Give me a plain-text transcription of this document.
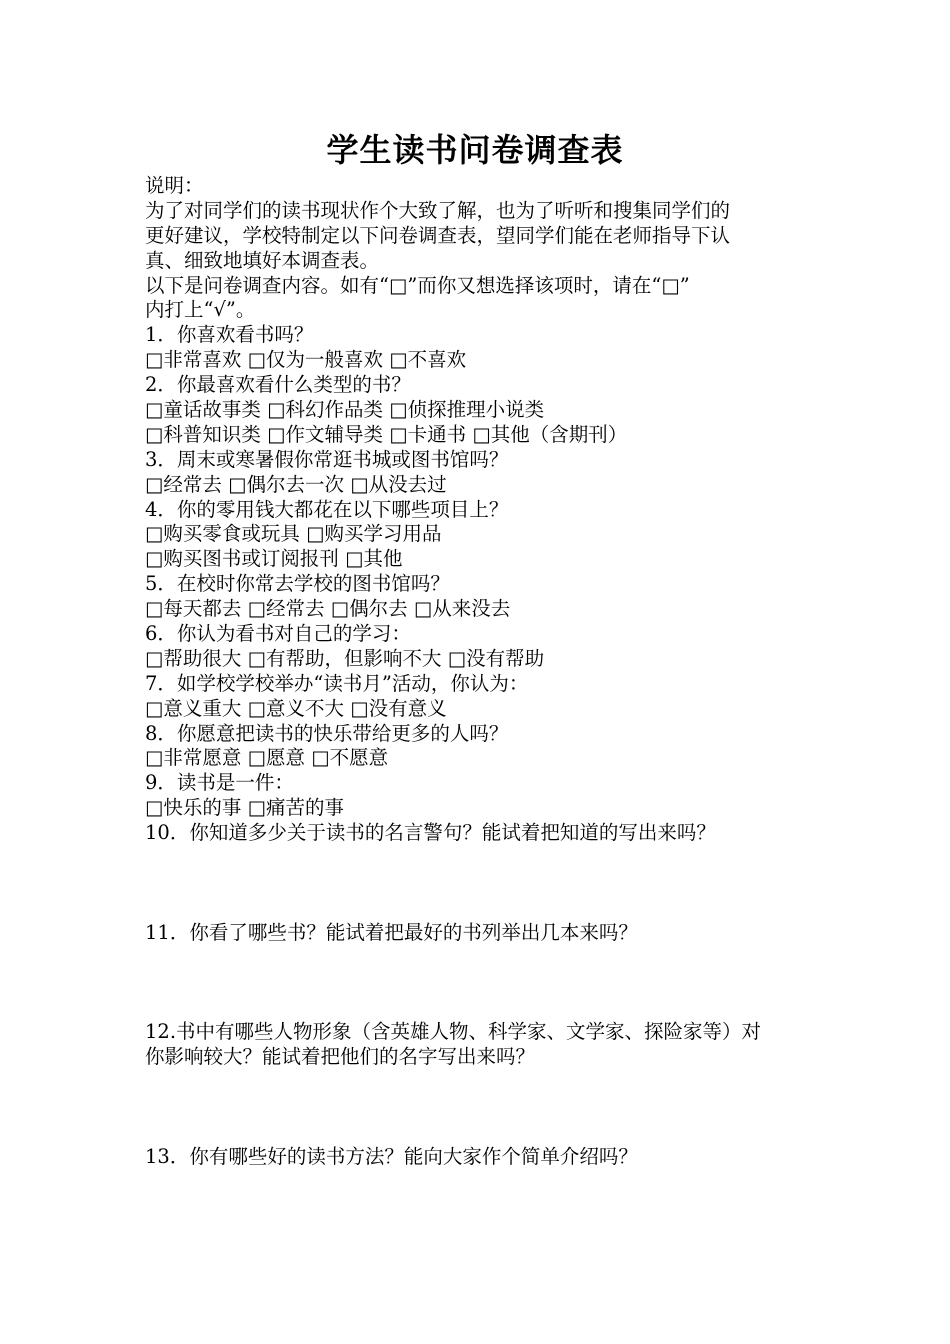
学生读书问卷调查表
说明：
为了对同学们的读书现状作个大致了解，也为了听听和搜集同学们的
更好建议，学校特制定以下问卷调查表，望同学们能在老师指导下认
真、细致地填好本调查表。
以下是问卷调查内容。如有“□”而你又想选择该项时，请在“□”
内打上“√”。
1．你喜欢看书吗？
□非常喜欢 □仅为一般喜欢 □不喜欢
2．你最喜欢看什么类型的书？
□童话故事类 □科幻作品类 □侦探推理小说类
□科普知识类 □作文辅导类 □卡通书 □其他（含期刊）
3．周末或寒暑假你常逛书城或图书馆吗？
□经常去 □偶尔去一次 □从没去过
4．你的零用钱大都花在以下哪些项目上？
□购买零食或玩具 □购买学习用品
□购买图书或订阅报刊 □其他
5．在校时你常去学校的图书馆吗？
□每天都去 □经常去 □偶尔去 □从来没去
6．你认为看书对自己的学习：
□帮助很大 □有帮助，但影响不大 □没有帮助
7．如学校学校举办“读书月”活动，你认为：
□意义重大 □意义不大 □没有意义
8．你愿意把读书的快乐带给更多的人吗？
□非常愿意 □愿意 □不愿意
9．读书是一件：
□快乐的事 □痛苦的事
10．你知道多少关于读书的名言警句？能试着把知道的写出来吗？
11．你看了哪些书？能试着把最好的书列举出几本来吗？
12.书中有哪些人物形象（含英雄人物、科学家、文学家、探险家等）对
你影响较大？能试着把他们的名字写出来吗？
13．你有哪些好的读书方法？能向大家作个简单介绍吗？
